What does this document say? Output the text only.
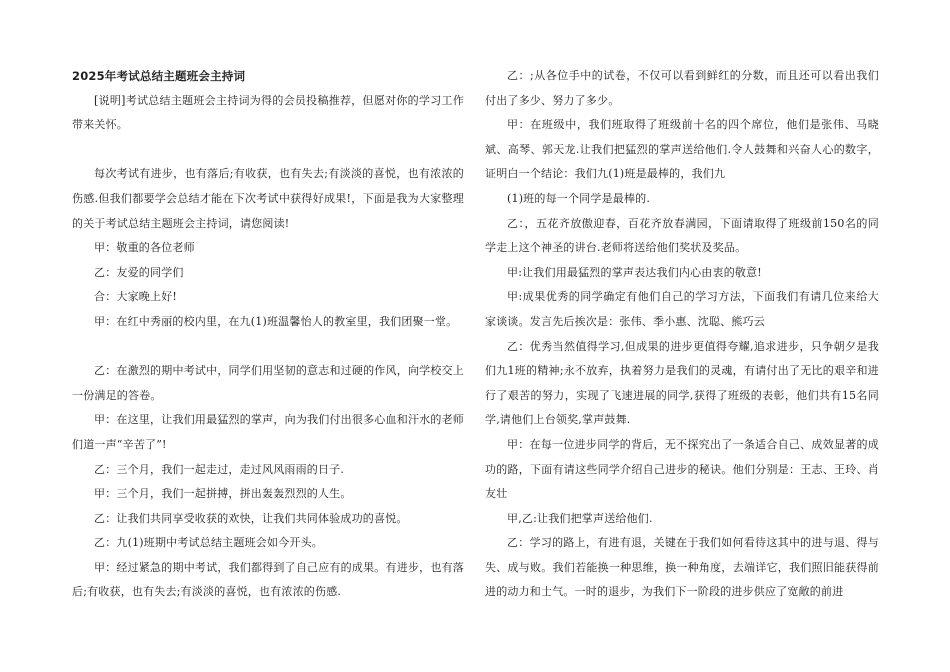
2025年考试总结主题班会主持词

[说明]考试总结主题班会主持词为得的会员投稿推荐，但愿对你的学习工作带来关怀。

每次考试有进步，也有落后;有收获，也有失去;有淡淡的喜悦，也有浓浓的伤感.但我们都要学会总结才能在下次考试中获得好成果!，下面是我为大家整理的关于考试总结主题班会主持词，请您阅读!

甲：敬重的各位老师

乙：友爱的同学们

合：大家晚上好!

甲：在红中秀丽的校内里，在九(1)班温馨怡人的教室里，我们团聚一堂。

乙：在激烈的期中考试中，同学们用坚韧的意志和过硬的作风，向学校交上一份满足的答卷。

甲：在这里，让我们用最猛烈的掌声，向为我们付出很多心血和汗水的老师们道一声“辛苦了”!

乙：三个月，我们一起走过，走过风风雨雨的日子.

甲：三个月，我们一起拼搏，拼出轰轰烈烈的人生。

乙：让我们共同享受收获的欢快，让我们共同体验成功的喜悦。

乙：九(1)班期中考试总结主题班会如今开头。

甲：经过紧急的期中考试，我们都得到了自己应有的成果。有进步，也有落后;有收获，也有失去;有淡淡的喜悦，也有浓浓的伤感.

乙：;从各位手中的试卷，不仅可以看到鲜红的分数，而且还可以看出我们付出了多少、努力了多少。

甲：在班级中，我们班取得了班级前十名的四个席位，他们是张伟、马晓斌、高琴、郭天龙.让我们把猛烈的掌声送给他们.令人鼓舞和兴奋人心的数字，证明白一个结论：我们九(1)班是最棒的，我们九

(1)班的每一个同学是最棒的.

乙：，五花齐放傲迎春，百花齐放春满园，下面请取得了班级前150名的同学走上这个神圣的讲台.老师将送给他们奖状及奖品。

甲:让我们用最猛烈的掌声表达我们内心由衷的敬意!

甲:成果优秀的同学确定有他们自己的学习方法，下面我们有请几位来给大家谈谈。发言先后挨次是：张伟、季小惠、沈聪、熊巧云

乙：优秀当然值得学习,但成果的进步更值得夸耀,追求进步，只争朝夕是我们九1班的精神;永不放弃，执着努力是我们的灵魂，有请付出了无比的艰辛和进行了艰苦的努力，实现了飞速进展的同学,获得了班级的表彰，他们共有15名同学,请他们上台领奖,掌声鼓舞.

甲：在每一位进步同学的背后，无不探究出了一条适合自己、成效显著的成功的路，下面有请这些同学介绍自己进步的秘诀。他们分别是：王志、王玲、肖友壮

甲,乙:让我们把掌声送给他们.

乙：学习的路上，有进有退，关键在于我们如何看待这其中的进与退、得与失、成与败。我们若能换一种思维，换一种角度，去端详它，我们照旧能获得前进的动力和士气。一时的退步，为我们下一阶段的进步供应了宽敞的前进
